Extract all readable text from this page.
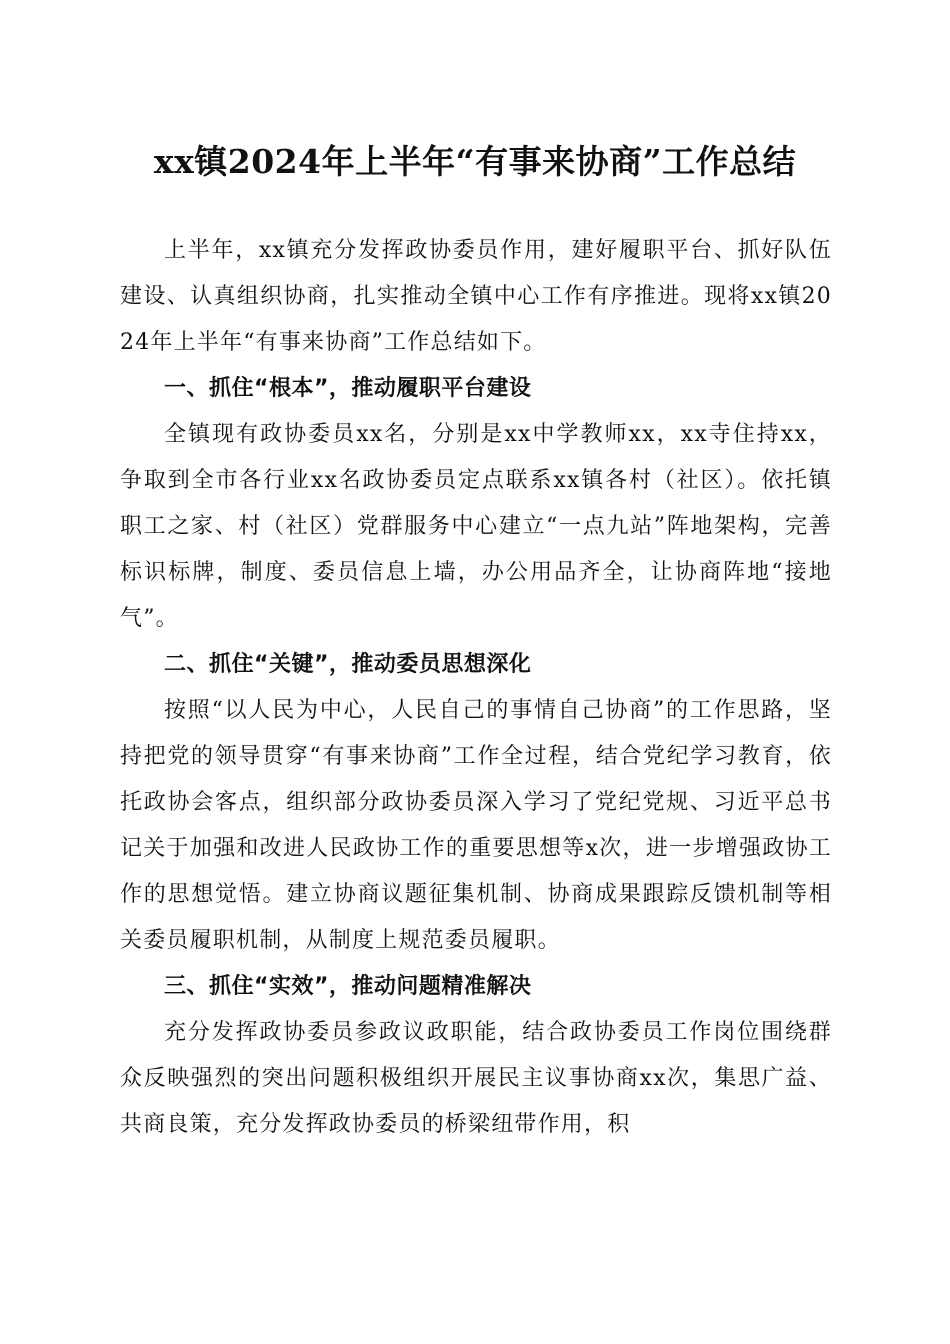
xx镇2024年上半年“有事来协商”工作总结

上半年，xx镇充分发挥政协委员作用，建好履职平台、抓好队伍建设、认真组织协商，扎实推动全镇中心工作有序推进。现将xx镇2024年上半年“有事来协商”工作总结如下。

一、抓住“根本”，推动履职平台建设

全镇现有政协委员xx名，分别是xx中学教师xx，xx寺住持xx，争取到全市各行业xx名政协委员定点联系xx镇各村（社区）。依托镇职工之家、村（社区）党群服务中心建立“一点九站”阵地架构，完善标识标牌，制度、委员信息上墙，办公用品齐全，让协商阵地“接地气”。

二、抓住“关键”，推动委员思想深化

按照“以人民为中心，人民自己的事情自己协商”的工作思路，坚持把党的领导贯穿“有事来协商”工作全过程，结合党纪学习教育，依托政协会客点，组织部分政协委员深入学习了党纪党规、习近平总书记关于加强和改进人民政协工作的重要思想等x次，进一步增强政协工作的思想觉悟。建立协商议题征集机制、协商成果跟踪反馈机制等相关委员履职机制，从制度上规范委员履职。

三、抓住“实效”，推动问题精准解决

充分发挥政协委员参政议政职能，结合政协委员工作岗位围绕群众反映强烈的突出问题积极组织开展民主议事协商xx次，集思广益、共商良策，充分发挥政协委员的桥梁纽带作用，积
